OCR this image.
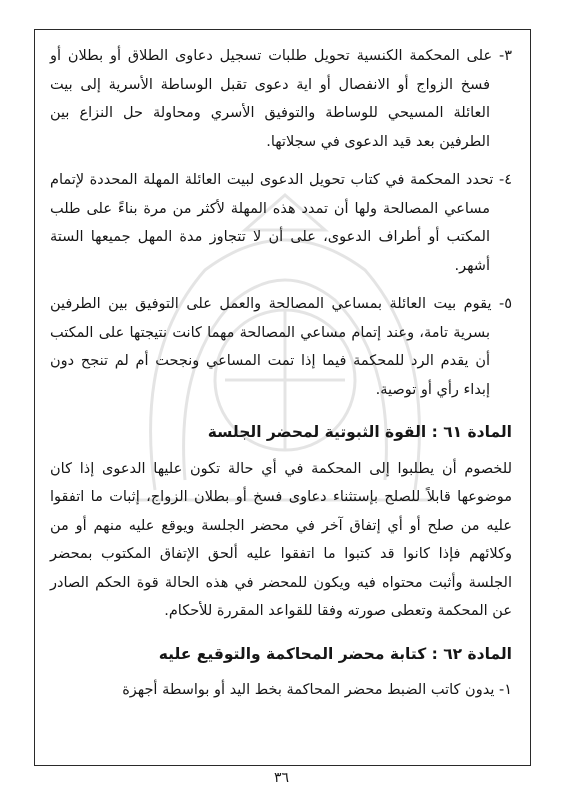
٣- على المحكمة الكنسية تحويل طلبات تسجيل دعاوى الطلاق أو بطلان أو فسخ الزواج أو الانفصال أو اية دعوى تقبل الوساطة الأسرية إلى بيت العائلة المسيحي للوساطة والتوفيق الأسري ومحاولة حل النزاع بين الطرفين بعد قيد الدعوى في سجلاتها.

٤- تحدد المحكمة في كتاب تحويل الدعوى لبيت العائلة المهلة المحددة لإتمام مساعي المصالحة ولها أن تمدد هذه المهلة لأكثر من مرة بناءً على طلب المكتب أو أطراف الدعوى، على أن لا تتجاوز مدة المهل جميعها الستة أشهر.

٥- يقوم بيت العائلة بمساعي المصالحة والعمل على التوفيق بين الطرفين بسرية تامة، وعند إتمام مساعي المصالحة مهما كانت نتيجتها على المكتب أن يقدم الرد للمحكمة فيما إذا تمت المساعي ونجحت أم لم تنجح دون إبداء رأي أو توصية.

المادة ٦١ : القوة الثبوتية لمحضر الجلسة

للخصوم أن يطلبوا إلى المحكمة في أي حالة تكون عليها الدعوى إذا كان موضوعها قابلاً للصلح بإستثناء دعاوى فسخ أو بطلان الزواج، إثبات ما اتفقوا عليه من صلح أو أي إتفاق آخر في محضر الجلسة ويوقع عليه منهم أو من وكلائهم فإذا كانوا قد كتبوا ما اتفقوا عليه ألحق الإتفاق المكتوب بمحضر الجلسة وأثبت محتواه فيه ويكون للمحضر في هذه الحالة قوة الحكم الصادر عن المحكمة وتعطى صورته وفقا للقواعد المقررة للأحكام.

المادة ٦٢ : كتابة محضر المحاكمة والتوقيع عليه

١- يدون كاتب الضبط محضر المحاكمة بخط اليد أو بواسطة أجهزة

٣٦
